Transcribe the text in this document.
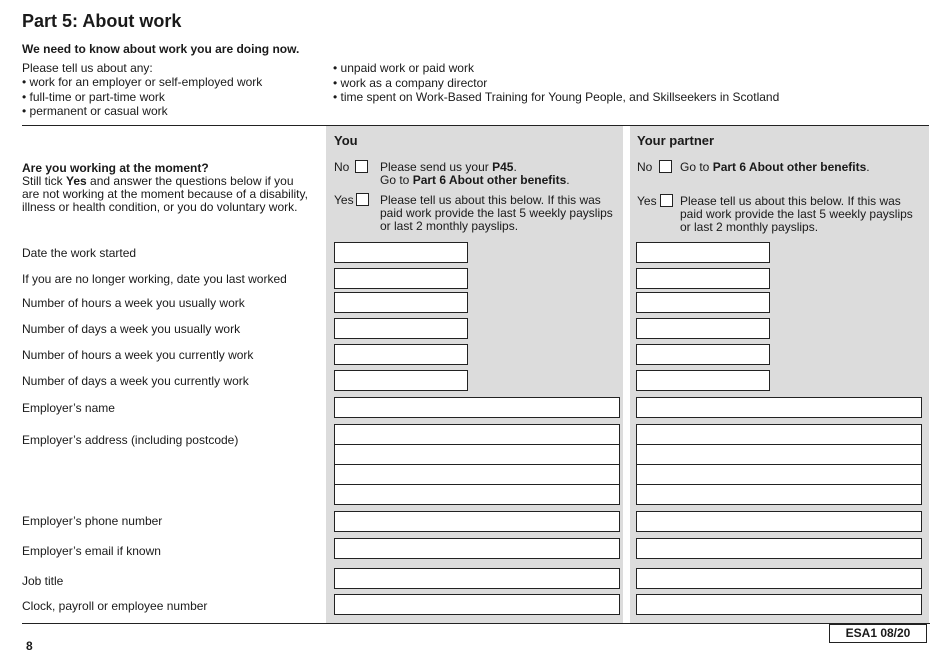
Part 5: About work
We need to know about work you are doing now.
Please tell us about any:
• work for an employer or self-employed work
• full-time or part-time work
• permanent or casual work
• unpaid work or paid work
• work as a company director
• time spent on Work-Based Training for Young People, and Skillseekers in Scotland
You	Your partner
Are you working at the moment?
Still tick Yes and answer the questions below if you are not working at the moment because of a disability, illness or health condition, or you do voluntary work.
No	Please send us your P45.
Go to Part 6 About other benefits.
Yes Please tell us about this below. If this was paid work provide the last 5 weekly payslips or last 2 monthly payslips.
No Go to Part 6 About other benefits.
Yes Please tell us about this below. If this was paid work provide the last 5 weekly payslips or last 2 monthly payslips.
Date the work started
If you are no longer working, date you last worked
Number of hours a week you usually work
Number of days a week you usually work
Number of hours a week you currently work
Number of days a week you currently work
Employer’s name
Employer’s address (including postcode)
Employer’s phone number
Employer’s email if known
Job title
Clock, payroll or employee number
8
ESA1 08/20
